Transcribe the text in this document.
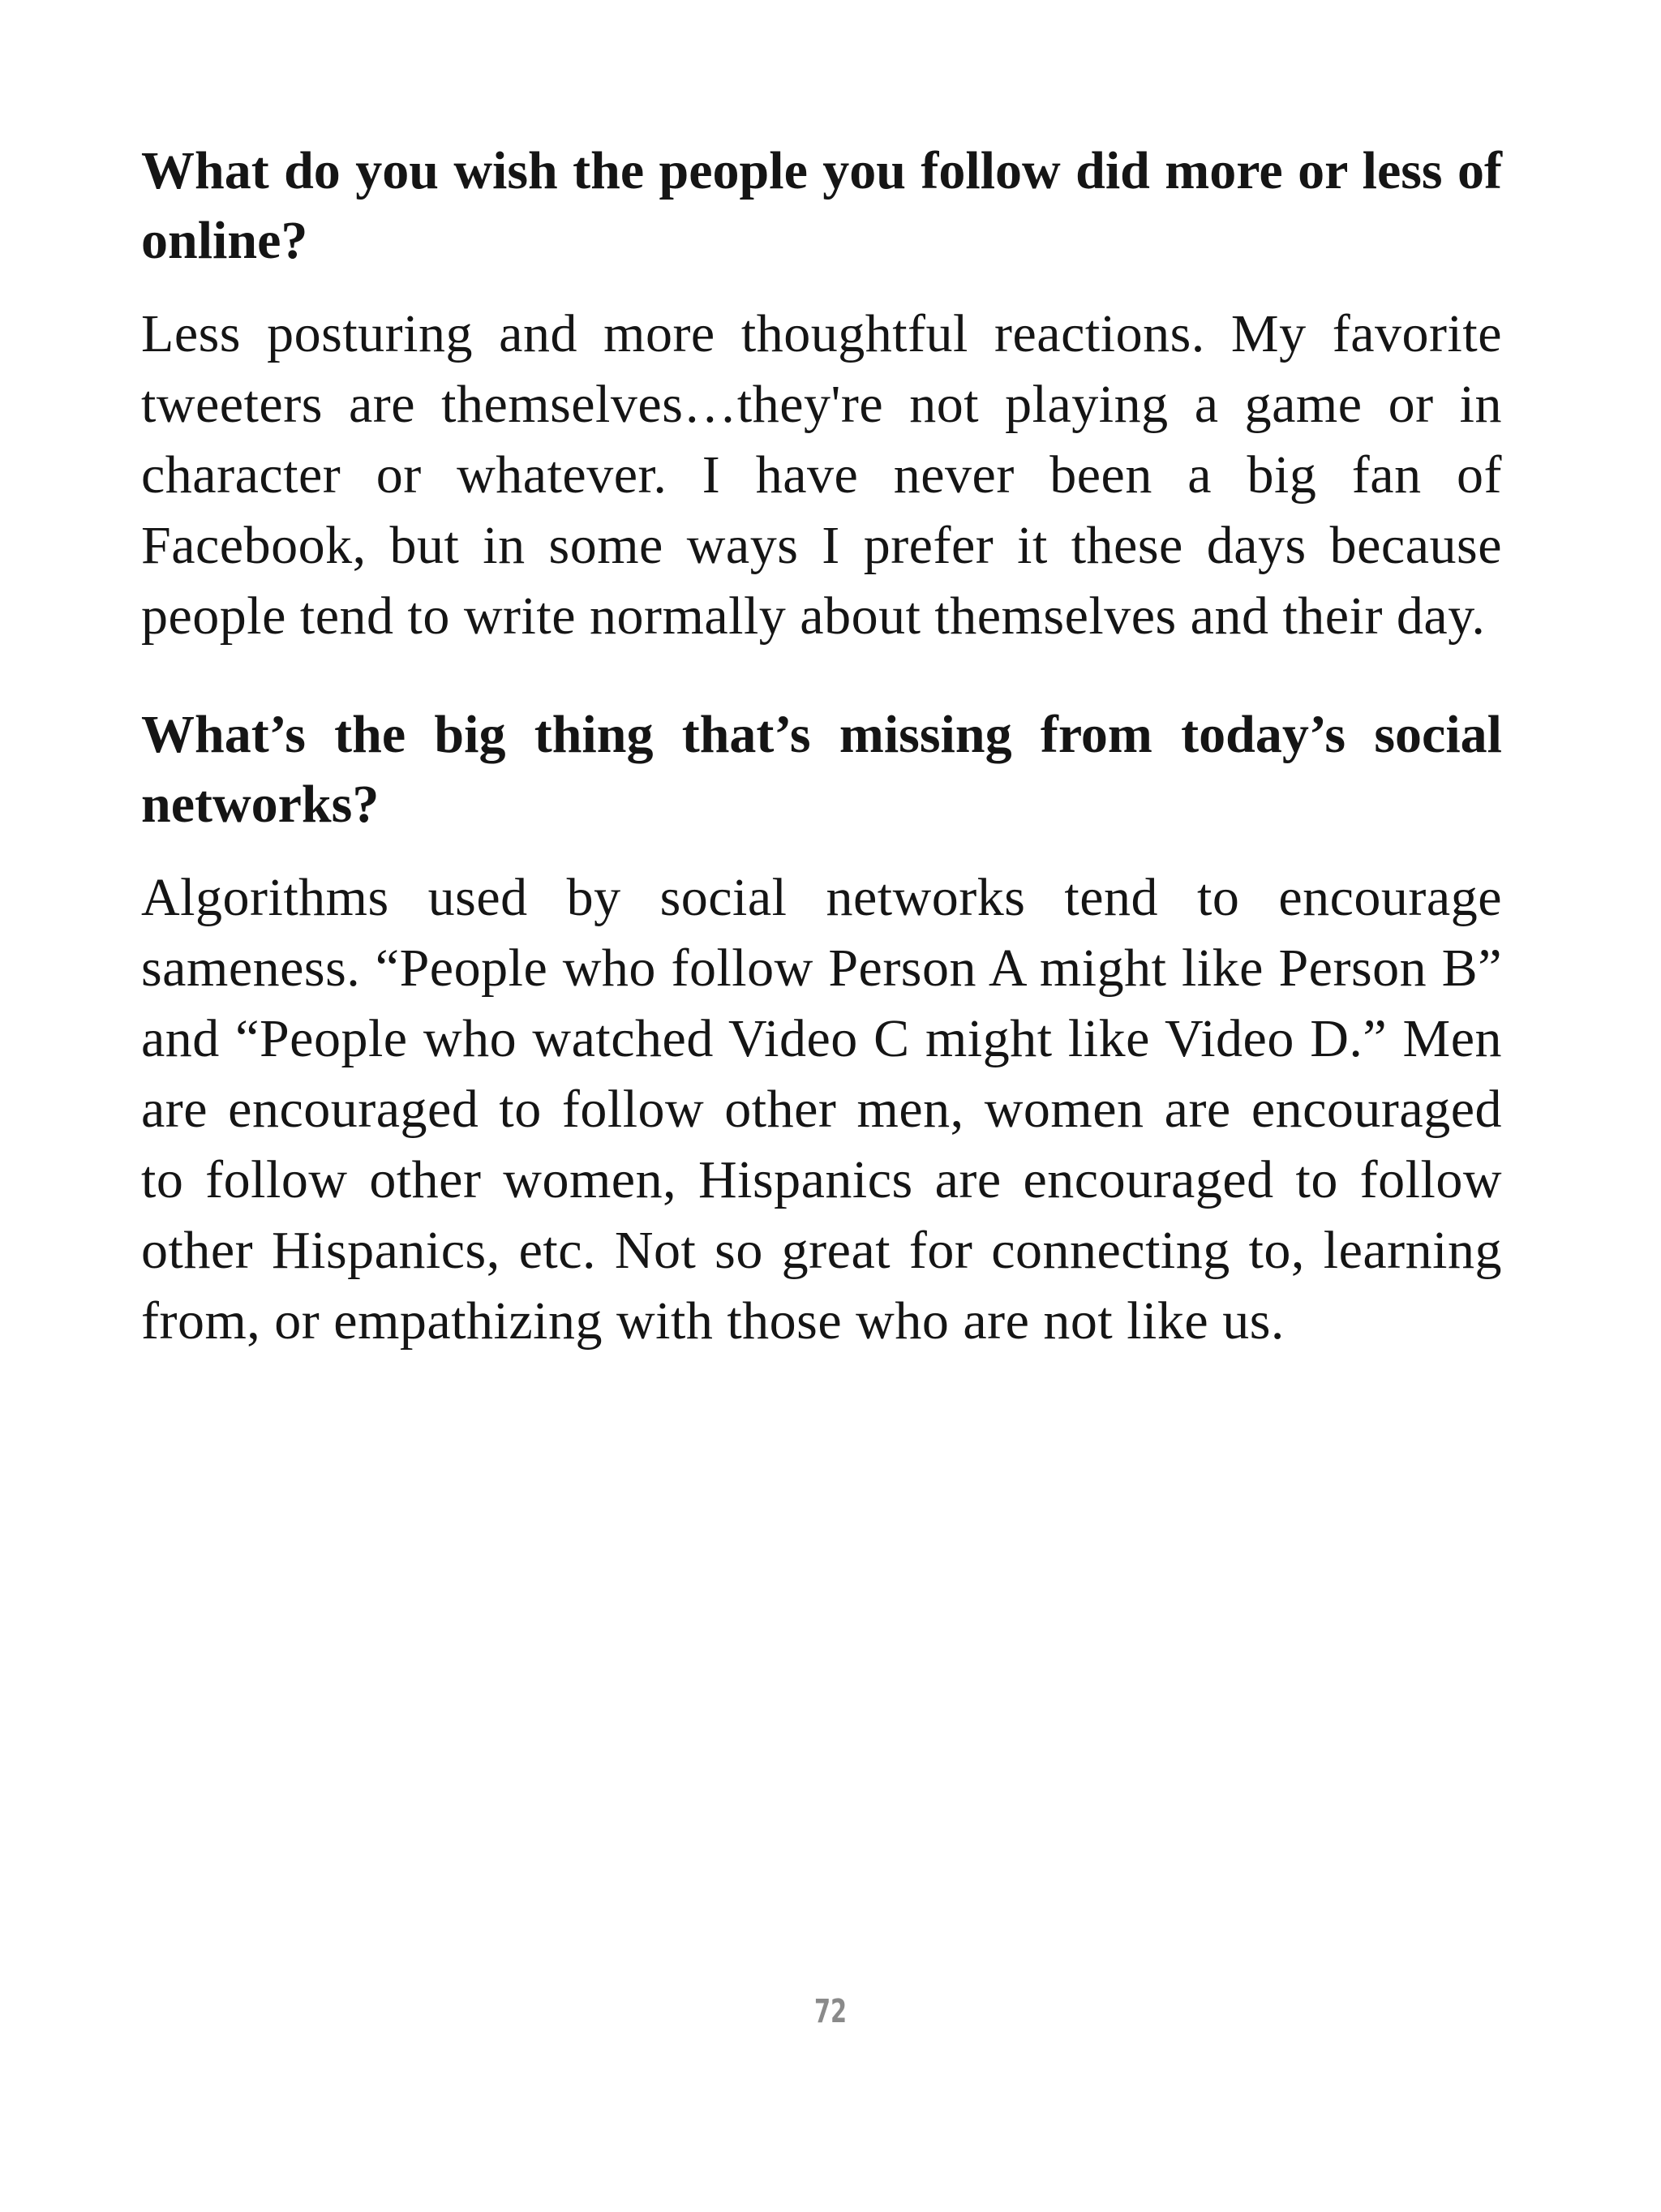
What do you wish the people you follow did more or less of online?

Less posturing and more thoughtful reactions. My favorite tweeters are themselves…they're not playing a game or in character or whatever. I have never been a big fan of Facebook, but in some ways I prefer it these days because people tend to write normally about themselves and their day.

What’s the big thing that’s missing from today’s social networks?

Algorithms used by social networks tend to encourage sameness. “People who follow Person A might like Person B” and “People who watched Video C might like Video D.” Men are encouraged to follow other men, women are encouraged to follow other women, Hispanics are encouraged to follow other Hispanics, etc. Not so great for connecting to, learning from, or empathizing with those who are not like us.

72
